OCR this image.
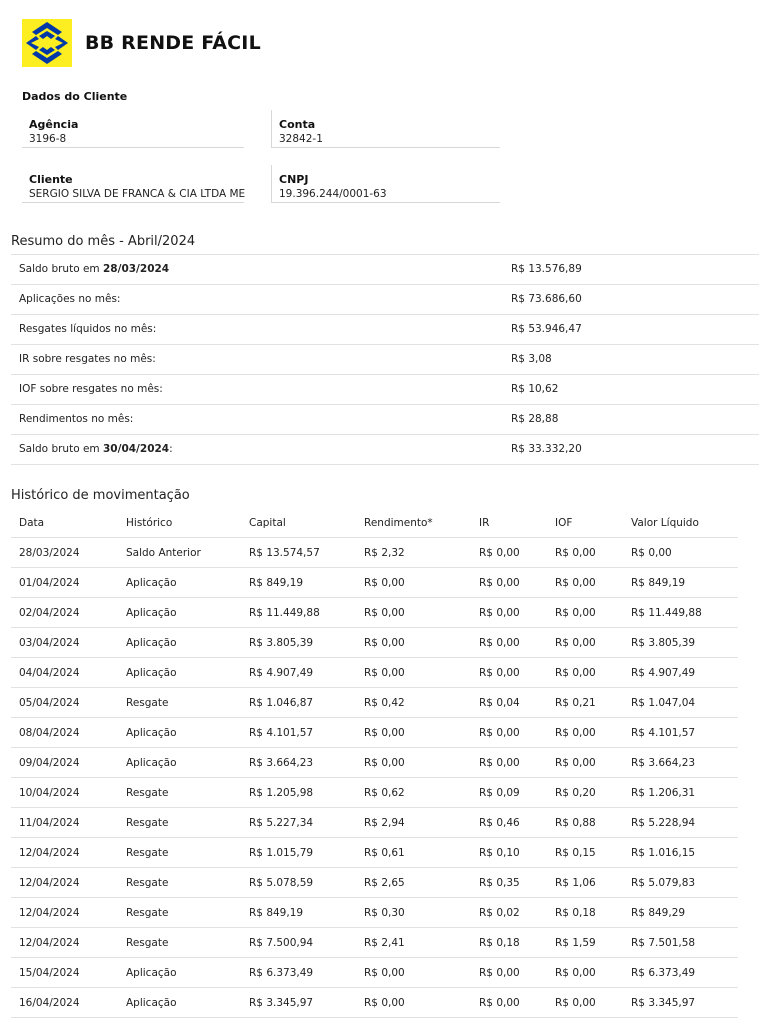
BB RENDE FÁCIL
Dados do Cliente
Agência
3196-8
Conta
32842-1
Cliente
SERGIO SILVA DE FRANCA & CIA LTDA ME
CNPJ
19.396.244/0001-63
Resumo do mês - Abril/2024
Saldo bruto em 28/03/2024	R$ 13.576,89
Aplicações no mês:	R$ 73.686,60
Resgates líquidos no mês:	R$ 53.946,47
IR sobre resgates no mês:	R$ 3,08
IOF sobre resgates no mês:	R$ 10,62
Rendimentos no mês:	R$ 28,88
Saldo bruto em 30/04/2024:	R$ 33.332,20
Histórico de movimentação
Data	Histórico	Capital	Rendimento*	IR	IOF	Valor Líquido
28/03/2024	Saldo Anterior	R$ 13.574,57	R$ 2,32	R$ 0,00	R$ 0,00	R$ 0,00
01/04/2024	Aplicação	R$ 849,19	R$ 0,00	R$ 0,00	R$ 0,00	R$ 849,19
02/04/2024	Aplicação	R$ 11.449,88	R$ 0,00	R$ 0,00	R$ 0,00	R$ 11.449,88
03/04/2024	Aplicação	R$ 3.805,39	R$ 0,00	R$ 0,00	R$ 0,00	R$ 3.805,39
04/04/2024	Aplicação	R$ 4.907,49	R$ 0,00	R$ 0,00	R$ 0,00	R$ 4.907,49
05/04/2024	Resgate	R$ 1.046,87	R$ 0,42	R$ 0,04	R$ 0,21	R$ 1.047,04
08/04/2024	Aplicação	R$ 4.101,57	R$ 0,00	R$ 0,00	R$ 0,00	R$ 4.101,57
09/04/2024	Aplicação	R$ 3.664,23	R$ 0,00	R$ 0,00	R$ 0,00	R$ 3.664,23
10/04/2024	Resgate	R$ 1.205,98	R$ 0,62	R$ 0,09	R$ 0,20	R$ 1.206,31
11/04/2024	Resgate	R$ 5.227,34	R$ 2,94	R$ 0,46	R$ 0,88	R$ 5.228,94
12/04/2024	Resgate	R$ 1.015,79	R$ 0,61	R$ 0,10	R$ 0,15	R$ 1.016,15
12/04/2024	Resgate	R$ 5.078,59	R$ 2,65	R$ 0,35	R$ 1,06	R$ 5.079,83
12/04/2024	Resgate	R$ 849,19	R$ 0,30	R$ 0,02	R$ 0,18	R$ 849,29
12/04/2024	Resgate	R$ 7.500,94	R$ 2,41	R$ 0,18	R$ 1,59	R$ 7.501,58
15/04/2024	Aplicação	R$ 6.373,49	R$ 0,00	R$ 0,00	R$ 0,00	R$ 6.373,49
16/04/2024	Aplicação	R$ 3.345,97	R$ 0,00	R$ 0,00	R$ 0,00	R$ 3.345,97
